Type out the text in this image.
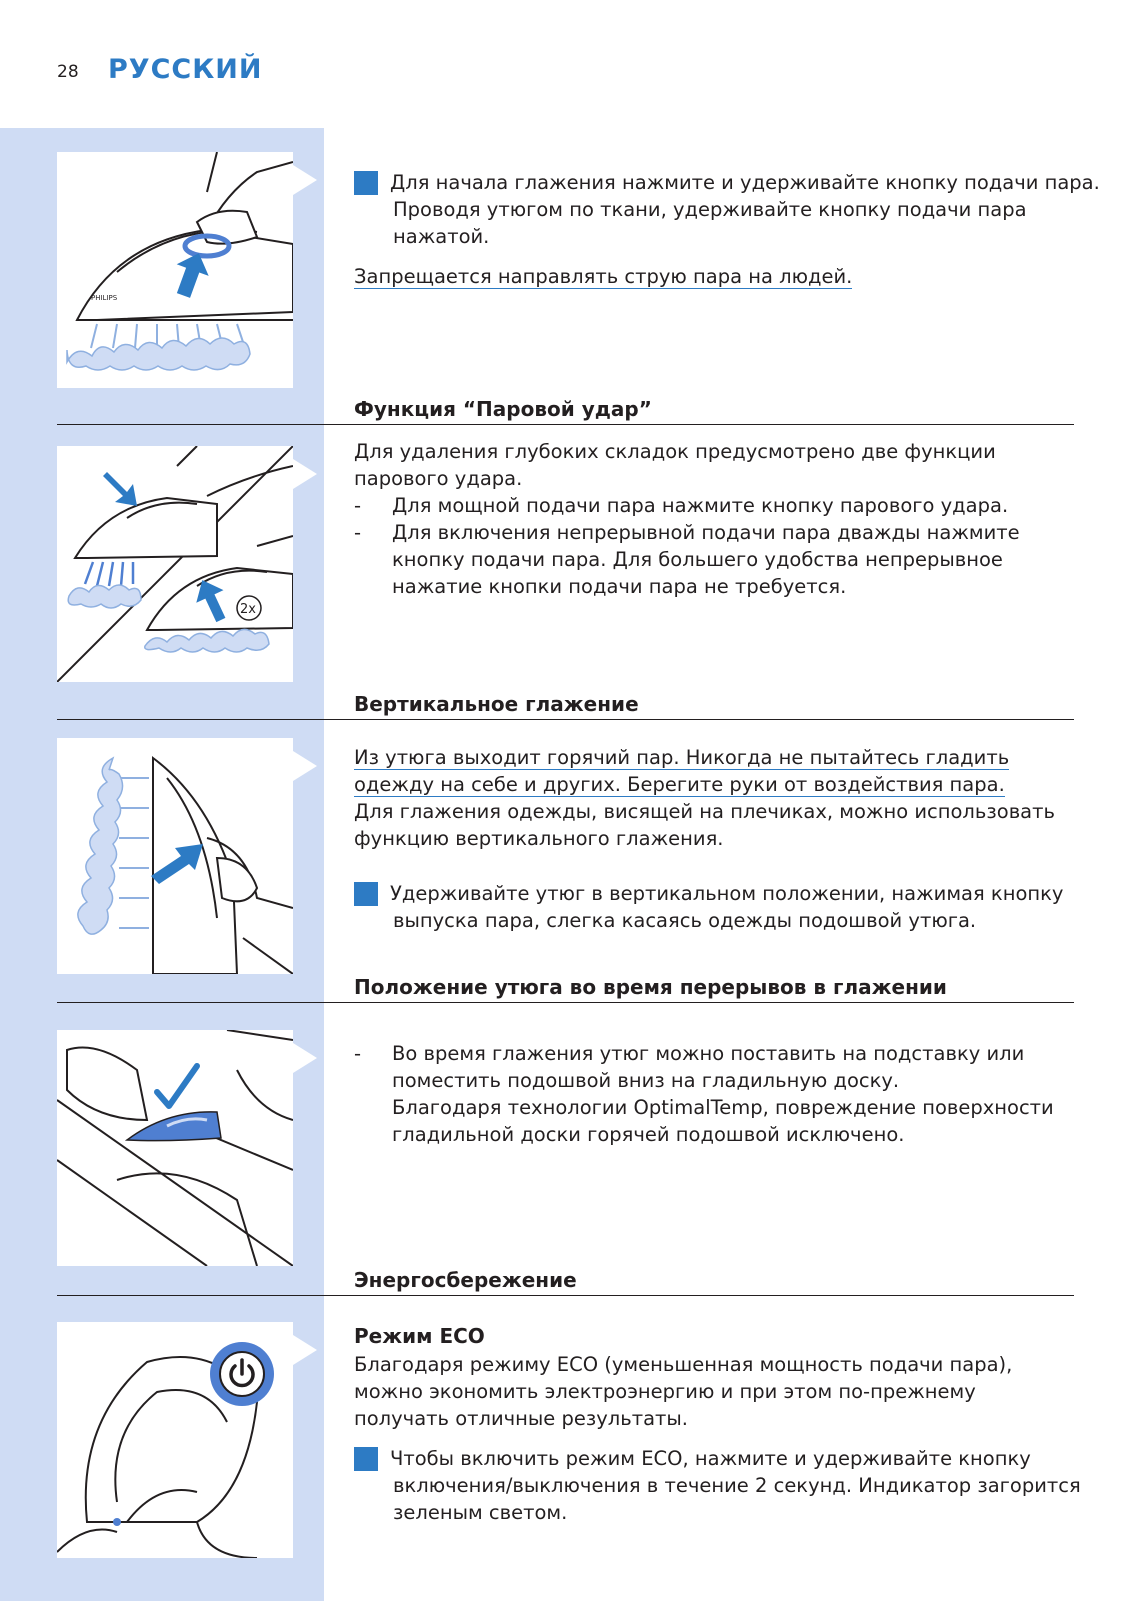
28 РУССКИЙ
PHILIPS
2x
5 Для начала глажения нажмите и удерживайте кнопку подачи пара. Проводя утюгом по ткани, удерживайте кнопку подачи пара нажатой.
Запрещается направлять струю пара на людей.
Функция “Паровой удар”
Для удаления глубоких складок предусмотрено две функции парового удара.
- Для мощной подачи пара нажмите кнопку парового удара.
- Для включения непрерывной подачи пара дважды нажмите кнопку подачи пара. Для большего удобства непрерывное нажатие кнопки подачи пара не требуется.
Вертикальное глажение
Из утюга выходит горячий пар. Никогда не пытайтесь гладить
одежду на себе и других. Берегите руки от воздействия пара.
Для глажения одежды, висящей на плечиках, можно использовать функцию вертикального глажения.
1 Удерживайте утюг в вертикальном положении, нажимая кнопку выпуска пара, слегка касаясь одежды подошвой утюга.
Положение утюга во время перерывов в глажении
- Во время глажения утюг можно поставить на подставку или поместить подошвой вниз на гладильную доску.
Благодаря технологии OptimalTemp, повреждение поверхности гладильной доски горячей подошвой исключено.
Энергосбережение
Режим ECO
Благодаря режиму ECO (уменьшенная мощность подачи пара), можно экономить электроэнергию и при этом по-прежнему получать отличные результаты.
1 Чтобы включить режим ECO, нажмите и удерживайте кнопку включения/выключения в течение 2 секунд. Индикатор загорится зеленым светом.
